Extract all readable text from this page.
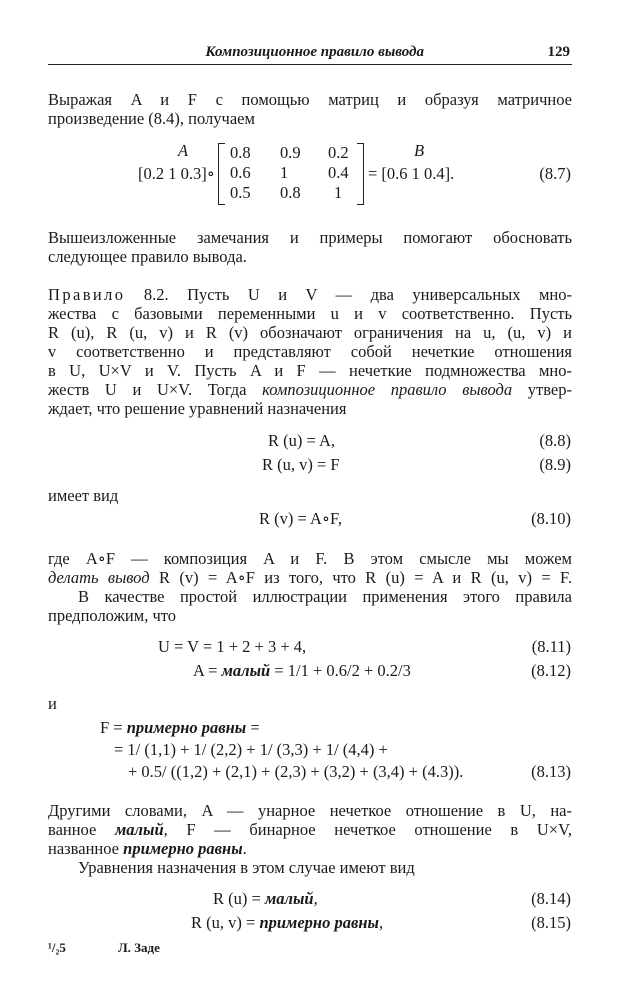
Композиционное правило вывода	129
Выражая A и F с помощью матриц и образуя матричное
произведение (8.4), получаем
A	B
[0.2 1 0.3]∘
0.8 0.9 0.2
0.6 1 0.4
0.5 0.8 1
= [0.6 1 0.4].	(8.7)
Вышеизложенные замечания и примеры помогают обосновать
следующее правило вывода.
Правило 8.2. Пусть U и V — два универсальных мно-
жества с базовыми переменными u и v соответственно. Пусть
R (u), R (u, v) и R (v) обозначают ограничения на u, (u, v) и
v соответственно и представляют собой нечеткие отношения
в U, U×V и V. Пусть A и F — нечеткие подмножества мно-
жеств U и U×V. Тогда композиционное правило вывода утвер-
ждает, что решение уравнений назначения
R (u) = A,	(8.8)
R (u, v) = F	(8.9)
имеет вид
R (v) = A∘F,	(8.10)
где A∘F — композиция A и F. В этом смысле мы можем
делать вывод R (v) = A∘F из того, что R (u) = A и R (u, v) = F.
В качестве простой иллюстрации применения этого правила
предположим, что
U = V = 1 + 2 + 3 + 4,	(8.11)
A = малый = 1/1 + 0.6/2 + 0.2/3	(8.12)
и
F = примерно равны =
= 1/ (1,1) + 1/ (2,2) + 1/ (3,3) + 1/ (4,4) +
+ 0.5/ ((1,2) + (2,1) + (2,3) + (3,2) + (3,4) + (4.3)).	(8.13)
Другими словами, A — унарное нечеткое отношение в U, на-
ванное малый, F — бинарное нечеткое отношение в U×V,
названное примерно равны.
Уравнения назначения в этом случае имеют вид
R (u) = малый,	(8.14)
R (u, v) = примерно равны,	(8.15)
¹/₂5	Л. Заде
